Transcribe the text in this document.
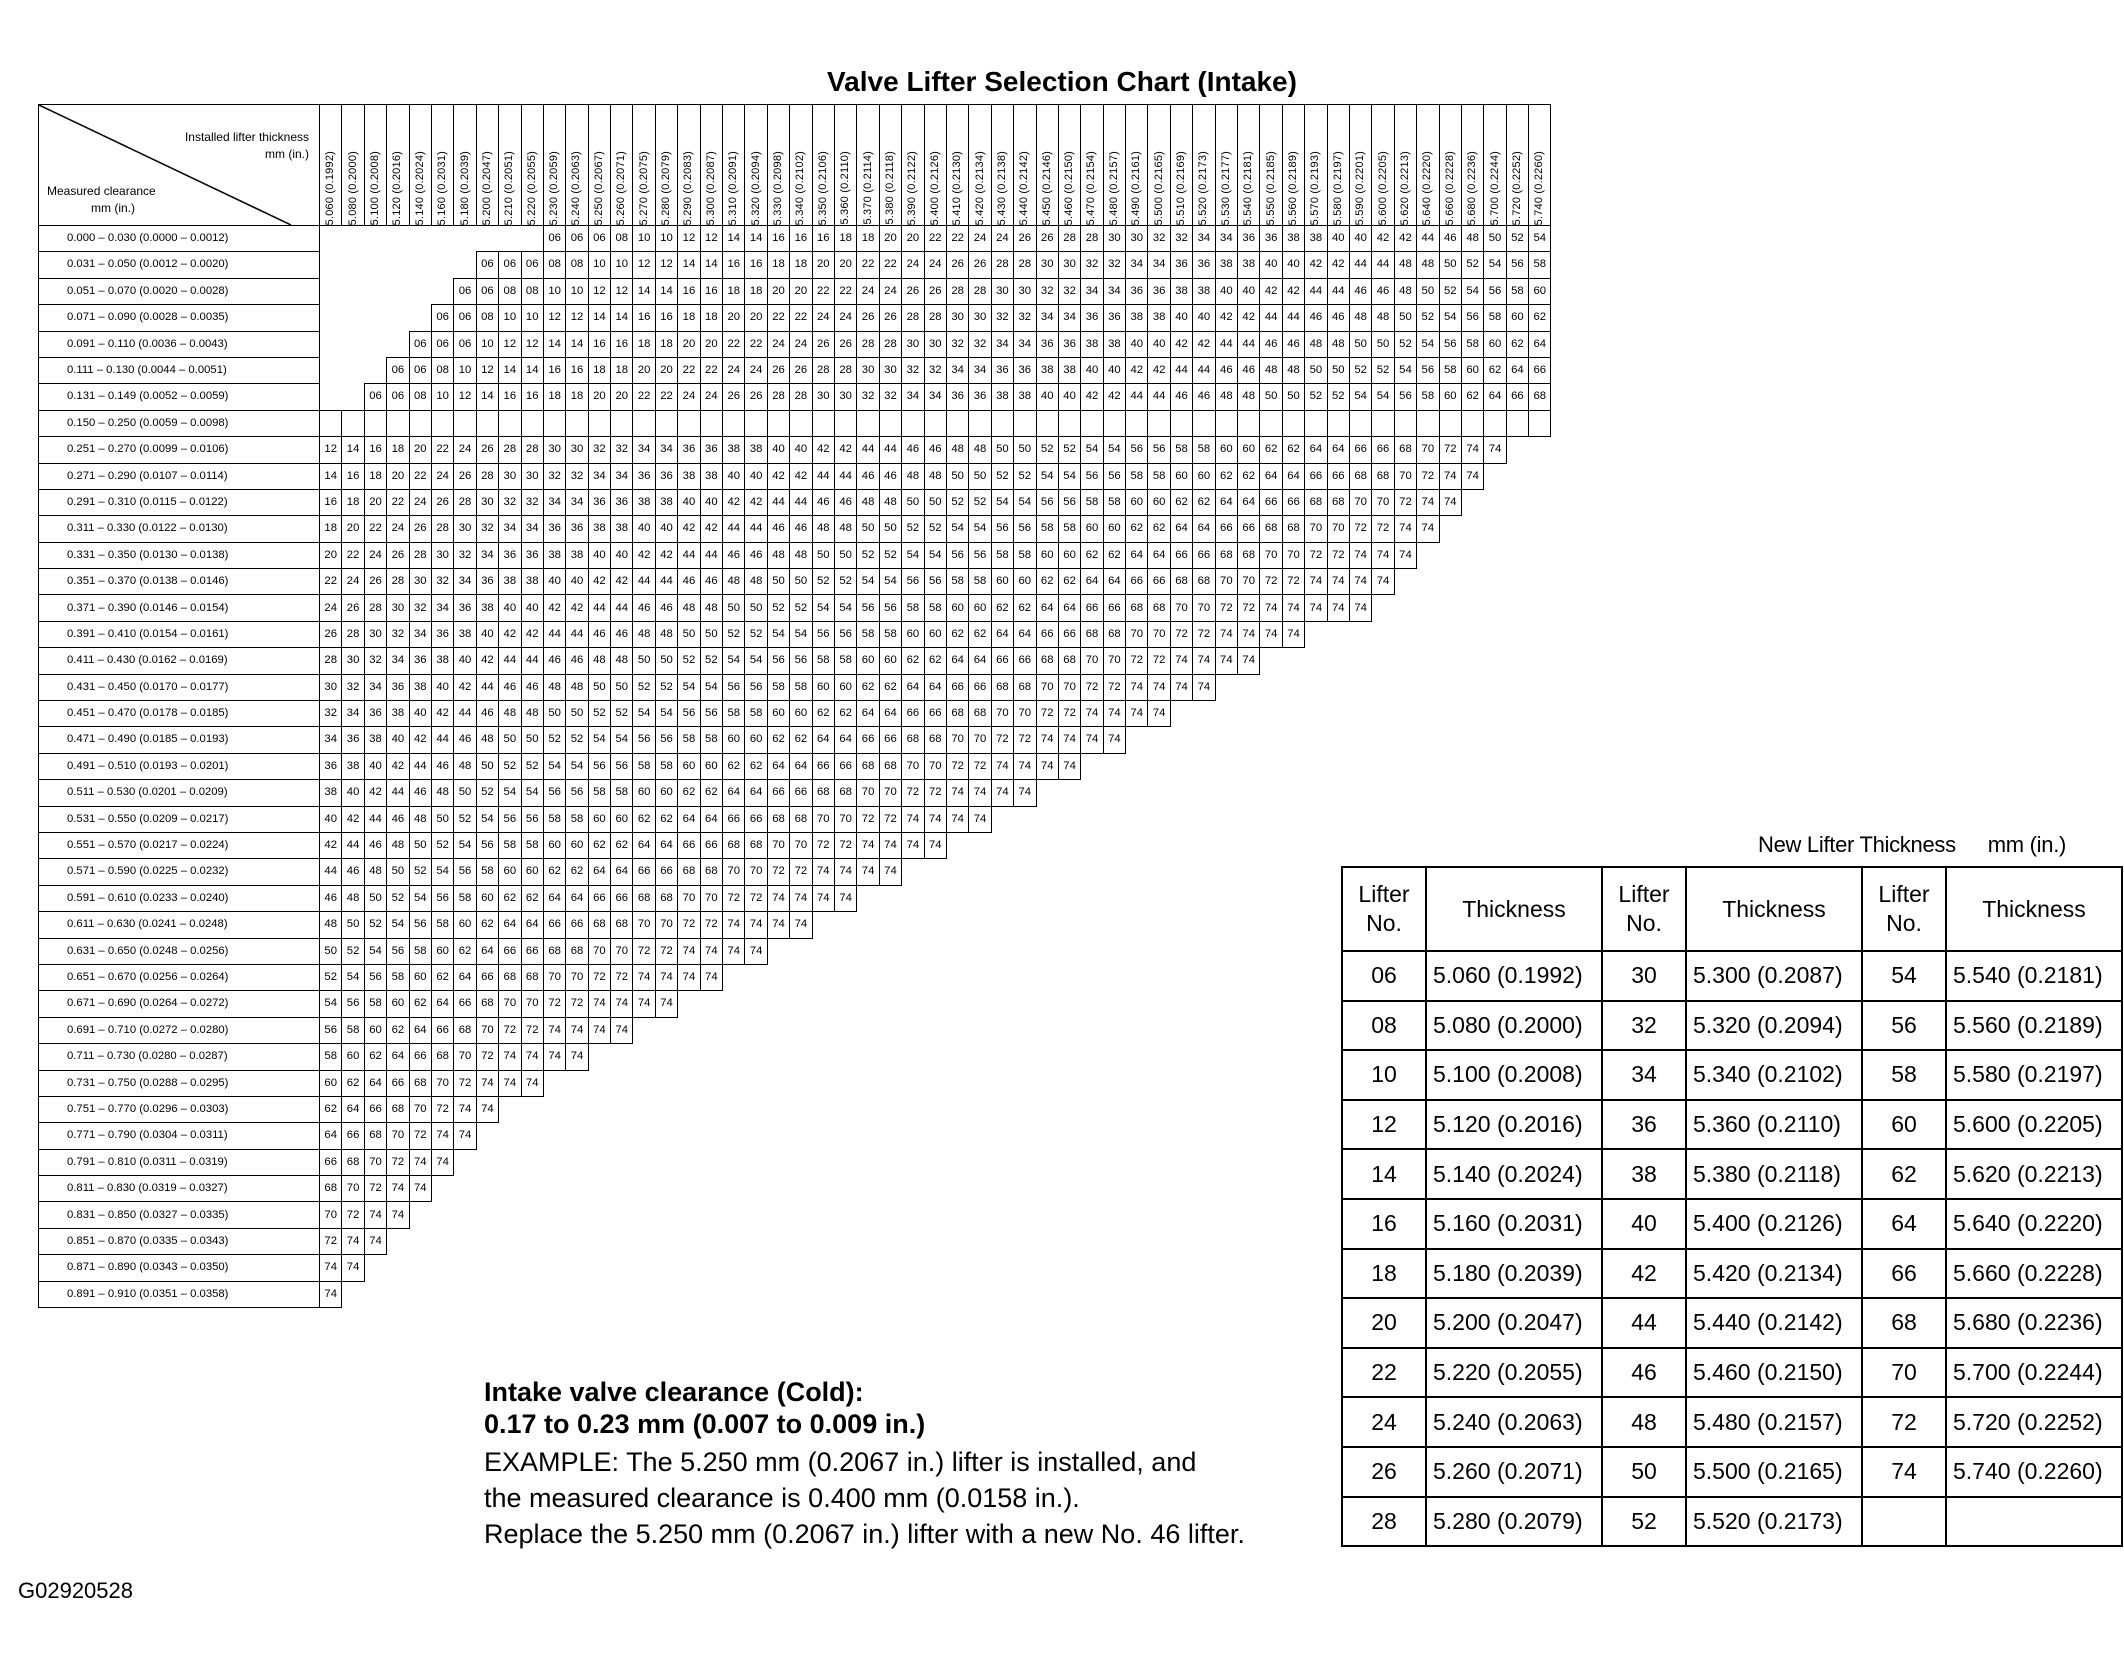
Valve Lifter Selection Chart (Intake)
Installed lifter thickness
mm (in.)
Measured clearance
mm (in.)	5.060 (0.1992)	5.080 (0.2000)	5.100 (0.2008)	5.120 (0.2016)	5.140 (0.2024)	5.160 (0.2031)	5.180 (0.2039)	5.200 (0.2047)	5.210 (0.2051)	5.220 (0.2055)	5.230 (0.2059)	5.240 (0.2063)	5.250 (0.2067)	5.260 (0.2071)	5.270 (0.2075)	5.280 (0.2079)	5.290 (0.2083)	5.300 (0.2087)	5.310 (0.2091)	5.320 (0.2094)	5.330 (0.2098)	5.340 (0.2102)	5.350 (0.2106)	5.360 (0.2110)	5.370 (0.2114)	5.380 (0.2118)	5.390 (0.2122)	5.400 (0.2126)	5.410 (0.2130)	5.420 (0.2134)	5.430 (0.2138)	5.440 (0.2142)	5.450 (0.2146)	5.460 (0.2150)	5.470 (0.2154)	5.480 (0.2157)	5.490 (0.2161)	5.500 (0.2165)	5.510 (0.2169)	5.520 (0.2173)	5.530 (0.2177)	5.540 (0.2181)	5.550 (0.2185)	5.560 (0.2189)	5.570 (0.2193)	5.580 (0.2197)	5.590 (0.2201)	5.600 (0.2205)	5.620 (0.2213)	5.640 (0.2220)	5.660 (0.2228)	5.680 (0.2236)	5.700 (0.2244)	5.720 (0.2252)	5.740 (0.2260)

0.000 – 0.030 (0.0000 – 0.0012)											06	06	06	08	10	10	12	12	14	14	16	16	16	18	18	20	20	22	22	24	24	26	26	28	28	30	30	32	32	34	34	36	36	38	38	40	40	42	42	44	46	48	50	52	54
0.031 – 0.050 (0.0012 – 0.0020)								06	06	06	08	08	10	10	12	12	14	14	16	16	18	18	20	20	22	22	24	24	26	26	28	28	30	30	32	32	34	34	36	36	38	38	40	40	42	42	44	44	48	48	50	52	54	56	58
0.051 – 0.070 (0.0020 – 0.0028)							06	06	08	08	10	10	12	12	14	14	16	16	18	18	20	20	22	22	24	24	26	26	28	28	30	30	32	32	34	34	36	36	38	38	40	40	42	42	44	44	46	46	48	50	52	54	56	58	60
0.071 – 0.090 (0.0028 – 0.0035)						06	06	08	10	10	12	12	14	14	16	16	18	18	20	20	22	22	24	24	26	26	28	28	30	30	32	32	34	34	36	36	38	38	40	40	42	42	44	44	46	46	48	48	50	52	54	56	58	60	62
0.091 – 0.110 (0.0036 – 0.0043)					06	06	06	10	12	12	14	14	16	16	18	18	20	20	22	22	24	24	26	26	28	28	30	30	32	32	34	34	36	36	38	38	40	40	42	42	44	44	46	46	48	48	50	50	52	54	56	58	60	62	64
0.111 – 0.130 (0.0044 – 0.0051)				06	06	08	10	12	14	14	16	16	18	18	20	20	22	22	24	24	26	26	28	28	30	30	32	32	34	34	36	36	38	38	40	40	42	42	44	44	46	46	48	48	50	50	52	52	54	56	58	60	62	64	66
0.131 – 0.149 (0.0052 – 0.0059)			06	06	08	10	12	14	16	16	18	18	20	20	22	22	24	24	26	26	28	28	30	30	32	32	34	34	36	36	38	38	40	40	42	42	44	44	46	46	48	48	50	50	52	52	54	54	56	58	60	62	64	66	68
0.150 – 0.250 (0.0059 – 0.0098)																																																							
0.251 – 0.270 (0.0099 – 0.0106)	12	14	16	18	20	22	24	26	28	28	30	30	32	32	34	34	36	36	38	38	40	40	42	42	44	44	46	46	48	48	50	50	52	52	54	54	56	56	58	58	60	60	62	62	64	64	66	66	68	70	72	74	74		
0.271 – 0.290 (0.0107 – 0.0114)	14	16	18	20	22	24	26	28	30	30	32	32	34	34	36	36	38	38	40	40	42	42	44	44	46	46	48	48	50	50	52	52	54	54	56	56	58	58	60	60	62	62	64	64	66	66	68	68	70	72	74	74			
0.291 – 0.310 (0.0115 – 0.0122)	16	18	20	22	24	26	28	30	32	32	34	34	36	36	38	38	40	40	42	42	44	44	46	46	48	48	50	50	52	52	54	54	56	56	58	58	60	60	62	62	64	64	66	66	68	68	70	70	72	74	74				
0.311 – 0.330 (0.0122 – 0.0130)	18	20	22	24	26	28	30	32	34	34	36	36	38	38	40	40	42	42	44	44	46	46	48	48	50	50	52	52	54	54	56	56	58	58	60	60	62	62	64	64	66	66	68	68	70	70	72	72	74	74					
0.331 – 0.350 (0.0130 – 0.0138)	20	22	24	26	28	30	32	34	36	36	38	38	40	40	42	42	44	44	46	46	48	48	50	50	52	52	54	54	56	56	58	58	60	60	62	62	64	64	66	66	68	68	70	70	72	72	74	74	74						
0.351 – 0.370 (0.0138 – 0.0146)	22	24	26	28	30	32	34	36	38	38	40	40	42	42	44	44	46	46	48	48	50	50	52	52	54	54	56	56	58	58	60	60	62	62	64	64	66	66	68	68	70	70	72	72	74	74	74	74							
0.371 – 0.390 (0.0146 – 0.0154)	24	26	28	30	32	34	36	38	40	40	42	42	44	44	46	46	48	48	50	50	52	52	54	54	56	56	58	58	60	60	62	62	64	64	66	66	68	68	70	70	72	72	74	74	74	74	74								
0.391 – 0.410 (0.0154 – 0.0161)	26	28	30	32	34	36	38	40	42	42	44	44	46	46	48	48	50	50	52	52	54	54	56	56	58	58	60	60	62	62	64	64	66	66	68	68	70	70	72	72	74	74	74	74											
0.411 – 0.430 (0.0162 – 0.0169)	28	30	32	34	36	38	40	42	44	44	46	46	48	48	50	50	52	52	54	54	56	56	58	58	60	60	62	62	64	64	66	66	68	68	70	70	72	72	74	74	74	74													
0.431 – 0.450 (0.0170 – 0.0177)	30	32	34	36	38	40	42	44	46	46	48	48	50	50	52	52	54	54	56	56	58	58	60	60	62	62	64	64	66	66	68	68	70	70	72	72	74	74	74	74															
0.451 – 0.470 (0.0178 – 0.0185)	32	34	36	38	40	42	44	46	48	48	50	50	52	52	54	54	56	56	58	58	60	60	62	62	64	64	66	66	68	68	70	70	72	72	74	74	74	74																	
0.471 – 0.490 (0.0185 – 0.0193)	34	36	38	40	42	44	46	48	50	50	52	52	54	54	56	56	58	58	60	60	62	62	64	64	66	66	68	68	70	70	72	72	74	74	74	74																			
0.491 – 0.510 (0.0193 – 0.0201)	36	38	40	42	44	46	48	50	52	52	54	54	56	56	58	58	60	60	62	62	64	64	66	66	68	68	70	70	72	72	74	74	74	74																					
0.511 – 0.530 (0.0201 – 0.0209)	38	40	42	44	46	48	50	52	54	54	56	56	58	58	60	60	62	62	64	64	66	66	68	68	70	70	72	72	74	74	74	74																							
0.531 – 0.550 (0.0209 – 0.0217)	40	42	44	46	48	50	52	54	56	56	58	58	60	60	62	62	64	64	66	66	68	68	70	70	72	72	74	74	74	74																									
0.551 – 0.570 (0.0217 – 0.0224)	42	44	46	48	50	52	54	56	58	58	60	60	62	62	64	64	66	66	68	68	70	70	72	72	74	74	74	74																											
0.571 – 0.590 (0.0225 – 0.0232)	44	46	48	50	52	54	56	58	60	60	62	62	64	64	66	66	68	68	70	70	72	72	74	74	74	74																													
0.591 – 0.610 (0.0233 – 0.0240)	46	48	50	52	54	56	58	60	62	62	64	64	66	66	68	68	70	70	72	72	74	74	74	74																															
0.611 – 0.630 (0.0241 – 0.0248)	48	50	52	54	56	58	60	62	64	64	66	66	68	68	70	70	72	72	74	74	74	74																																	
0.631 – 0.650 (0.0248 – 0.0256)	50	52	54	56	58	60	62	64	66	66	68	68	70	70	72	72	74	74	74	74																																			
0.651 – 0.670 (0.0256 – 0.0264)	52	54	56	58	60	62	64	66	68	68	70	70	72	72	74	74	74	74																																					
0.671 – 0.690 (0.0264 – 0.0272)	54	56	58	60	62	64	66	68	70	70	72	72	74	74	74	74																																							
0.691 – 0.710 (0.0272 – 0.0280)	56	58	60	62	64	66	68	70	72	72	74	74	74	74																																									
0.711 – 0.730 (0.0280 – 0.0287)	58	60	62	64	66	68	70	72	74	74	74	74																																											
0.731 – 0.750 (0.0288 – 0.0295)	60	62	64	66	68	70	72	74	74	74																																													
0.751 – 0.770 (0.0296 – 0.0303)	62	64	66	68	70	72	74	74																																															
0.771 – 0.790 (0.0304 – 0.0311)	64	66	68	70	72	74	74																																																
0.791 – 0.810 (0.0311 – 0.0319)	66	68	70	72	74	74																																																	
0.811 – 0.830 (0.0319 – 0.0327)	68	70	72	74	74																																																		
0.831 – 0.850 (0.0327 – 0.0335)	70	72	74	74																																																			
0.851 – 0.870 (0.0335 – 0.0343)	72	74	74																																																				
0.871 – 0.890 (0.0343 – 0.0350)	74	74																																																					
0.891 – 0.910 (0.0351 – 0.0358)	74																																																						
New Lifter Thickness mm (in.)
Lifter No.	Thickness	Lifter No.	Thickness	Lifter No.	Thickness
06	5.060 (0.1992)	30	5.300 (0.2087)	54	5.540 (0.2181)
08	5.080 (0.2000)	32	5.320 (0.2094)	56	5.560 (0.2189)
10	5.100 (0.2008)	34	5.340 (0.2102)	58	5.580 (0.2197)
12	5.120 (0.2016)	36	5.360 (0.2110)	60	5.600 (0.2205)
14	5.140 (0.2024)	38	5.380 (0.2118)	62	5.620 (0.2213)
16	5.160 (0.2031)	40	5.400 (0.2126)	64	5.640 (0.2220)
18	5.180 (0.2039)	42	5.420 (0.2134)	66	5.660 (0.2228)
20	5.200 (0.2047)	44	5.440 (0.2142)	68	5.680 (0.2236)
22	5.220 (0.2055)	46	5.460 (0.2150)	70	5.700 (0.2244)
24	5.240 (0.2063)	48	5.480 (0.2157)	72	5.720 (0.2252)
26	5.260 (0.2071)	50	5.500 (0.2165)	74	5.740 (0.2260)
28	5.280 (0.2079)	52	5.520 (0.2173)		
Intake valve clearance (Cold):
0.17 to 0.23 mm (0.007 to 0.009 in.)
EXAMPLE: The 5.250 mm (0.2067 in.) lifter is installed, and
the measured clearance is 0.400 mm (0.0158 in.).
Replace the 5.250 mm (0.2067 in.) lifter with a new No. 46 lifter.
G02920528
